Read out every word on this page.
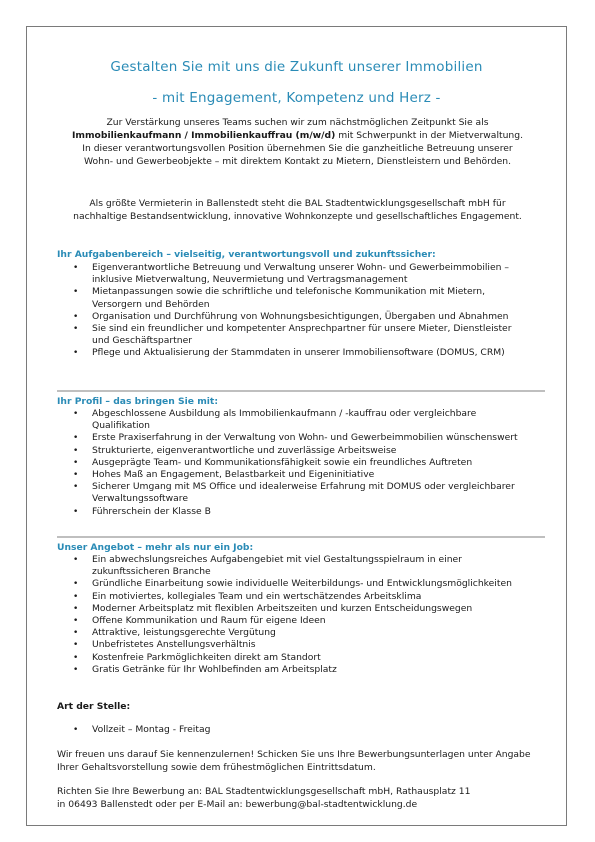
Gestalten Sie mit uns die Zukunft unserer Immobilien
- mit Engagement, Kompetenz und Herz -
Zur Verstärkung unseres Teams suchen wir zum nächstmöglichen Zeitpunkt Sie als
Immobilienkaufmann / Immobilienkauffrau (m/w/d) mit Schwerpunkt in der Mietverwaltung. In dieser verantwortungsvollen Position übernehmen Sie die ganzheitliche Betreuung unserer Wohn- und Gewerbeobjekte – mit direktem Kontakt zu Mietern, Dienstleistern und Behörden.
Als größte Vermieterin in Ballenstedt steht die BAL Stadtentwicklungsgesellschaft mbH für nachhaltige Bestandsentwicklung, innovative Wohnkonzepte und gesellschaftliches Engagement.
Ihr Aufgabenbereich – vielseitig, verantwortungsvoll und zukunftssicher:
• Eigenverantwortliche Betreuung und Verwaltung unserer Wohn- und Gewerbeimmobilien – inklusive Mietverwaltung, Neuvermietung und Vertragsmanagement
• Mietanpassungen sowie die schriftliche und telefonische Kommunikation mit Mietern, Versorgern und Behörden
• Organisation und Durchführung von Wohnungsbesichtigungen, Übergaben und Abnahmen
• Sie sind ein freundlicher und kompetenter Ansprechpartner für unsere Mieter, Dienstleister und Geschäftspartner
• Pflege und Aktualisierung der Stammdaten in unserer Immobiliensoftware (DOMUS, CRM)
Ihr Profil – das bringen Sie mit:
• Abgeschlossene Ausbildung als Immobilienkaufmann / -kauffrau oder vergleichbare Qualifikation
• Erste Praxiserfahrung in der Verwaltung von Wohn- und Gewerbeimmobilien wünschenswert
• Strukturierte, eigenverantwortliche und zuverlässige Arbeitsweise
• Ausgeprägte Team- und Kommunikationsfähigkeit sowie ein freundliches Auftreten
• Hohes Maß an Engagement, Belastbarkeit und Eigeninitiative
• Sicherer Umgang mit MS Office und idealerweise Erfahrung mit DOMUS oder vergleichbarer Verwaltungssoftware
• Führerschein der Klasse B
Unser Angebot – mehr als nur ein Job:
• Ein abwechslungsreiches Aufgabengebiet mit viel Gestaltungsspielraum in einer zukunftssicheren Branche
• Gründliche Einarbeitung sowie individuelle Weiterbildungs- und Entwicklungsmöglichkeiten
• Ein motiviertes, kollegiales Team und ein wertschätzendes Arbeitsklima
• Moderner Arbeitsplatz mit flexiblen Arbeitszeiten und kurzen Entscheidungswegen
• Offene Kommunikation und Raum für eigene Ideen
• Attraktive, leistungsgerechte Vergütung
• Unbefristetes Anstellungsverhältnis
• Kostenfreie Parkmöglichkeiten direkt am Standort
• Gratis Getränke für Ihr Wohlbefinden am Arbeitsplatz
Art der Stelle:
• Vollzeit – Montag - Freitag
Wir freuen uns darauf Sie kennenzulernen! Schicken Sie uns Ihre Bewerbungsunterlagen unter Angabe Ihrer Gehaltsvorstellung sowie dem frühestmöglichen Eintrittsdatum.
Richten Sie Ihre Bewerbung an: BAL Stadtentwicklungsgesellschaft mbH, Rathausplatz 11
in 06493 Ballenstedt oder per E-Mail an: bewerbung@bal-stadtentwicklung.de
